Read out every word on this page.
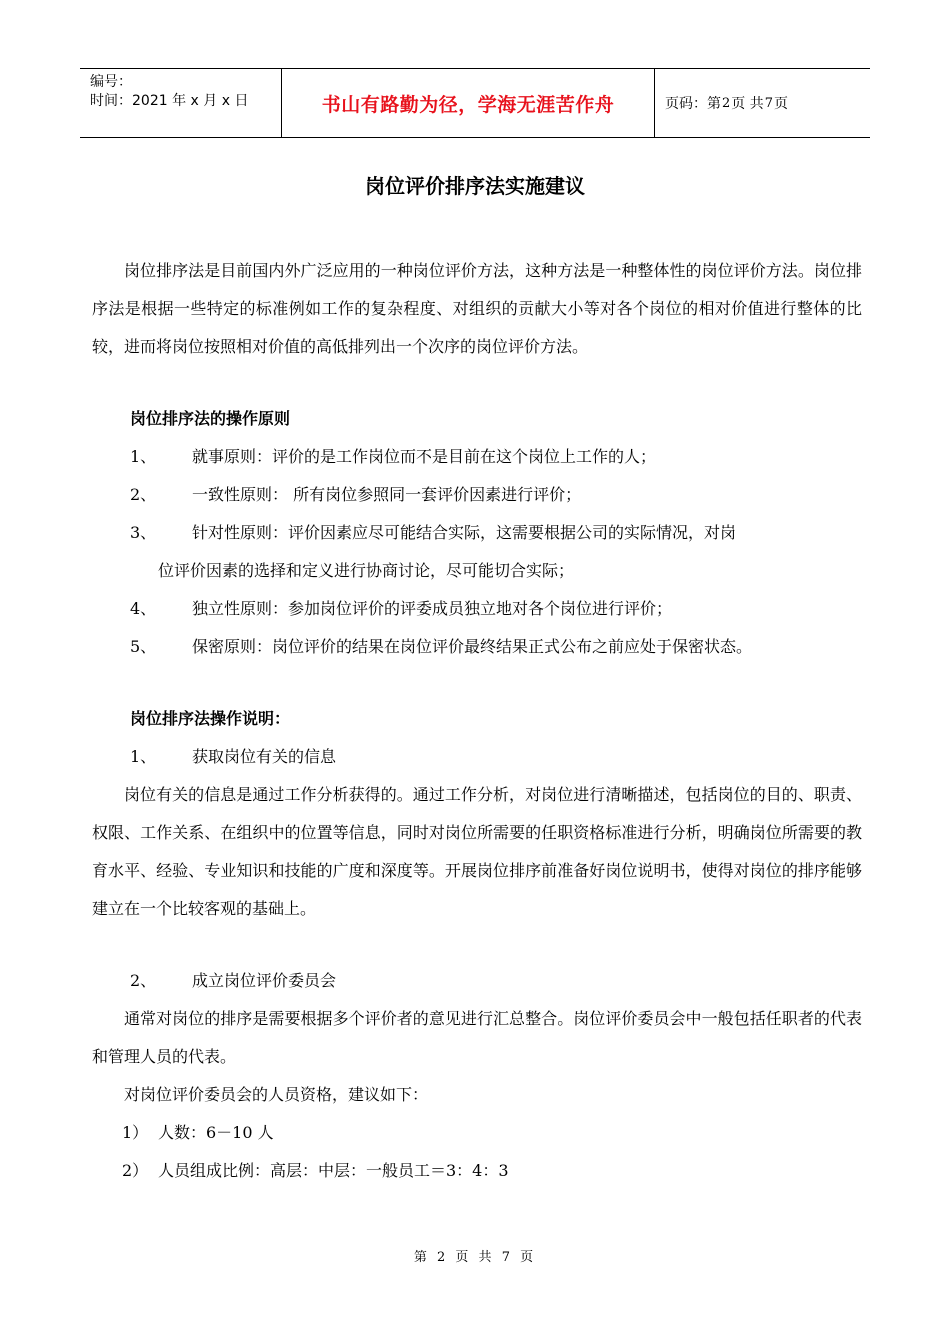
编号：
时间：2021 年 x 月 x 日	书山有路勤为径，学海无涯苦作舟	页码：第 2 页 共 7 页
岗位评价排序法实施建议

岗位排序法是目前国内外广泛应用的一种岗位评价方法，这种方法是一种整体性的岗位评价方法。岗位排序法是根据一些特定的标准例如工作的复杂程度、对组织的贡献大小等对各个岗位的相对价值进行整体的比较，进而将岗位按照相对价值的高低排列出一个次序的岗位评价方法。

岗位排序法的操作原则

1、	就事原则：评价的是工作岗位而不是目前在这个岗位上工作的人；
2、	一致性原则： 所有岗位参照同一套评价因素进行评价；
3、	针对性原则：评价因素应尽可能结合实际，这需要根据公司的实际情况，对岗

位评价因素的选择和定义进行协商讨论，尽可能切合实际；

4、	独立性原则：参加岗位评价的评委成员独立地对各个岗位进行评价；
5、	保密原则：岗位评价的结果在岗位评价最终结果正式公布之前应处于保密状态。

岗位排序法操作说明：

1、	获取岗位有关的信息

岗位有关的信息是通过工作分析获得的。通过工作分析，对岗位进行清晰描述，包括岗位的目的、职责、权限、工作关系、在组织中的位置等信息，同时对岗位所需要的任职资格标准进行分析，明确岗位所需要的教育水平、经验、专业知识和技能的广度和深度等。开展岗位排序前准备好岗位说明书，使得对岗位的排序能够建立在一个比较客观的基础上。

2、	成立岗位评价委员会

通常对岗位的排序是需要根据多个评价者的意见进行汇总整合。岗位评价委员会中一般包括任职者的代表和管理人员的代表。

对岗位评价委员会的人员资格，建议如下：

1） 人数：6－10 人
2） 人员组成比例：高层：中层：一般员工＝3：4：3
第 2 页 共 7 页
